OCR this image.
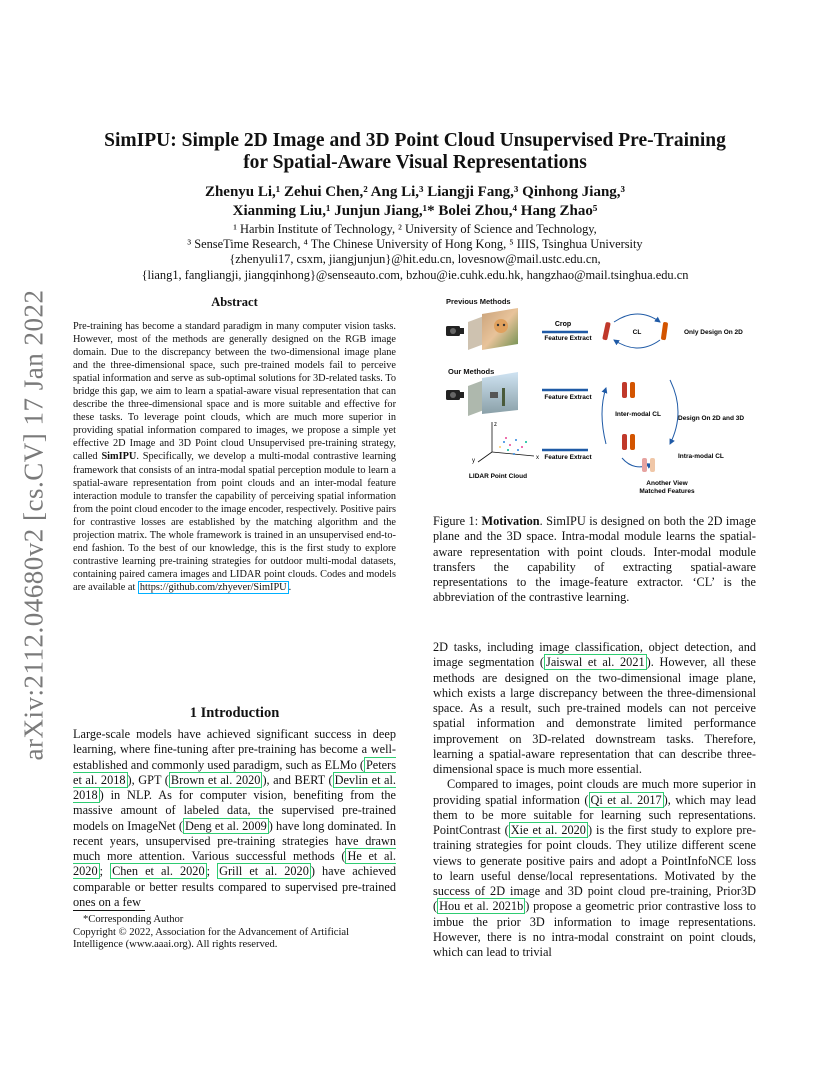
arXiv:2112.04680v2 [cs.CV] 17 Jan 2022
SimIPU: Simple 2D Image and 3D Point Cloud Unsupervised Pre-Training
for Spatial-Aware Visual Representations
Zhenyu Li,¹ Zehui Chen,² Ang Li,³ Liangji Fang,³ Qinhong Jiang,³
Xianming Liu,¹ Junjun Jiang,¹* Bolei Zhou,⁴ Hang Zhao⁵
¹ Harbin Institute of Technology, ² University of Science and Technology,
³ SenseTime Research, ⁴ The Chinese University of Hong Kong, ⁵ IIIS, Tsinghua University
{zhenyuli17, csxm, jiangjunjun}@hit.edu.cn, lovesnow@mail.ustc.edu.cn,
{liang1, fangliangji, jiangqinhong}@senseauto.com, bzhou@ie.cuhk.edu.hk, hangzhao@mail.tsinghua.edu.cn
Abstract
Pre-training has become a standard paradigm in many computer vision tasks. However, most of the methods are generally designed on the RGB image domain. Due to the discrepancy between the two-dimensional image plane and the three-dimensional space, such pre-trained models fail to perceive spatial information and serve as sub-optimal solutions for 3D-related tasks. To bridge this gap, we aim to learn a spatial-aware visual representation that can describe the three-dimensional space and is more suitable and effective for these tasks. To leverage point clouds, which are much more superior in providing spatial information compared to images, we propose a simple yet effective 2D Image and 3D Point cloud Unsupervised pre-training strategy, called SimIPU. Specifically, we develop a multi-modal contrastive learning framework that consists of an intra-modal spatial perception module to learn a spatial-aware representation from point clouds and an inter-modal feature interaction module to transfer the capability of perceiving spatial information from the point cloud encoder to the image encoder, respectively. Positive pairs for contrastive losses are established by the matching algorithm and the projection matrix. The whole framework is trained in an unsupervised end-to-end fashion. To the best of our knowledge, this is the first study to explore contrastive learning pre-training strategies for outdoor multi-modal datasets, containing paired camera images and LIDAR point clouds. Codes and models are available at https://github.com/zhyever/SimIPU .
1 Introduction
Large-scale models have achieved significant success in deep learning, where fine-tuning after pre-training has become a well-established and commonly used paradigm, such as ELMo ( Peters et al. 2018 ), GPT ( Brown et al. 2020 ), and BERT ( Devlin et al. 2018 ) in NLP. As for computer vision, benefiting from the massive amount of labeled data, the supervised pre-trained models on ImageNet ( Deng et al. 2009 ) have long dominated. In recent years, unsupervised pre-training strategies have drawn much more attention. Various successful methods ( He et al. 2020 ; Chen et al. 2020 ; Grill et al. 2020 ) have achieved comparable or better results compared to supervised pre-trained ones on a few
*Corresponding Author
Copyright © 2022, Association for the Advancement of Artificial Intelligence (www.aaai.org). All rights reserved.
Previous Methods
Crop
Feature Extract
CL	Only Design On 2D
Our Methods
Feature Extract
Inter-modal CL
Design On 2D and 3D
z
x
y
LIDAR Point Cloud
Feature Extract	Intra-modal CL
Another View
Matched Features
Figure 1: Motivation. SimIPU is designed on both the 2D image plane and the 3D space. Intra-modal module learns the spatial-aware representation with point clouds. Inter-modal module transfers the capability of extracting spatial-aware representations to the image-feature extractor. ‘CL’ is the abbreviation of the contrastive learning.

2D tasks, including image classification, object detection, and image segmentation ( Jaiswal et al. 2021 ). However, all these methods are designed on the two-dimensional image plane, which exists a large discrepancy between the three-dimensional space. As a result, such pre-trained models can not perceive spatial information and demonstrate limited performance improvement on 3D-related downstream tasks. Therefore, learning a spatial-aware representation that can describe three-dimensional space is much more essential.

Compared to images, point clouds are much more superior in providing spatial information ( Qi et al. 2017 ), which may lead them to be more suitable for learning such representations. PointContrast ( Xie et al. 2020 ) is the first study to explore pre-training strategies for point clouds. They utilize different scene views to generate positive pairs and adopt a PointInfoNCE loss to learn useful dense/local representations. Motivated by the success of 2D image and 3D point cloud pre-training, Prior3D ( Hou et al. 2021b ) propose a geometric prior contrastive loss to imbue the prior 3D information to image representations. However, there is no intra-modal constraint on point clouds, which can lead to trivial
